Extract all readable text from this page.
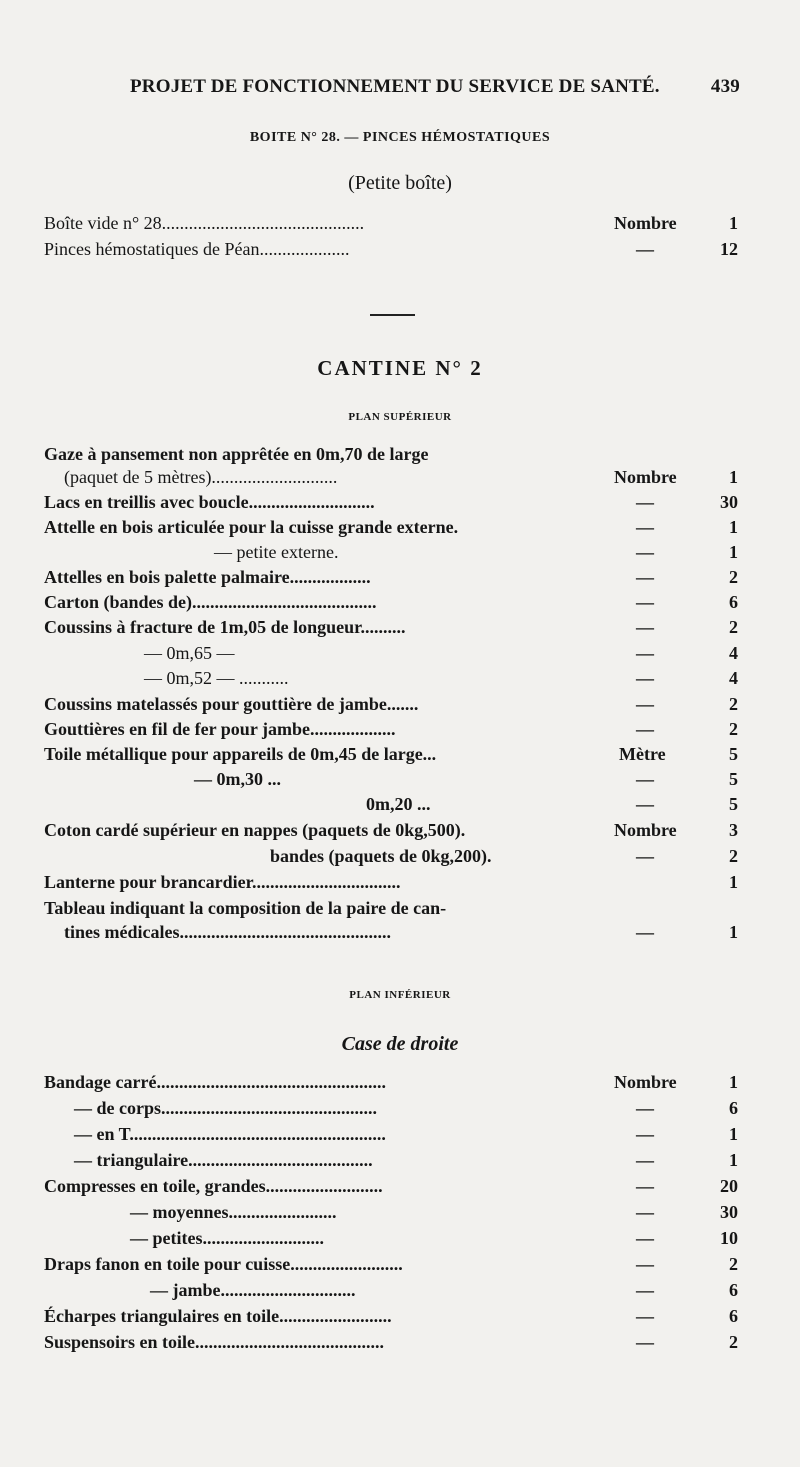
PROJET DE FONCTIONNEMENT DU SERVICE DE SANTÉ.	439
BOITE N° 28. — PINCES HÉMOSTATIQUES
(Petite boîte)
Boîte vide n° 28.............................................	Nombre	1
Pinces hémostatiques de Péan....................	—	12
CANTINE N° 2
PLAN SUPÉRIEUR
Gaze à pansement non apprêtée en 0m,70 de large
(paquet de 5 mètres)............................	Nombre	1
Lacs en treillis avec boucle............................	—	30
Attelle en bois articulée pour la cuisse grande externe.	—	1
— petite externe.	—	1
Attelles en bois palette palmaire..................	—	2
Carton (bandes de).........................................	—	6
Coussins à fracture de 1m,05 de longueur..........	—	2
— 0m,65 —	—	4
— 0m,52 — ...........	—	4
Coussins matelassés pour gouttière de jambe.......	—	2
Gouttières en fil de fer pour jambe...................	—	2
Toile métallique pour appareils de 0m,45 de large...	Mètre	5
— 0m,30 ...	—	5
0m,20 ...	—	5
Coton cardé supérieur en nappes (paquets de 0kg,500).	Nombre	3
bandes (paquets de 0kg,200).	—	2
Lanterne pour brancardier.................................	1
Tableau indiquant la composition de la paire de can-
tines médicales...............................................	—	1
PLAN INFÉRIEUR
Case de droite
Bandage carré...................................................	Nombre	1
— de corps................................................	—	6
— en T.........................................................	—	1
— triangulaire.........................................	—	1
Compresses en toile, grandes..........................	—	20
— moyennes........................	—	30
— petites...........................	—	10
Draps fanon en toile pour cuisse.........................	—	2
— jambe..............................	—	6
Écharpes triangulaires en toile.........................	—	6
Suspensoirs en toile..........................................	—	2
